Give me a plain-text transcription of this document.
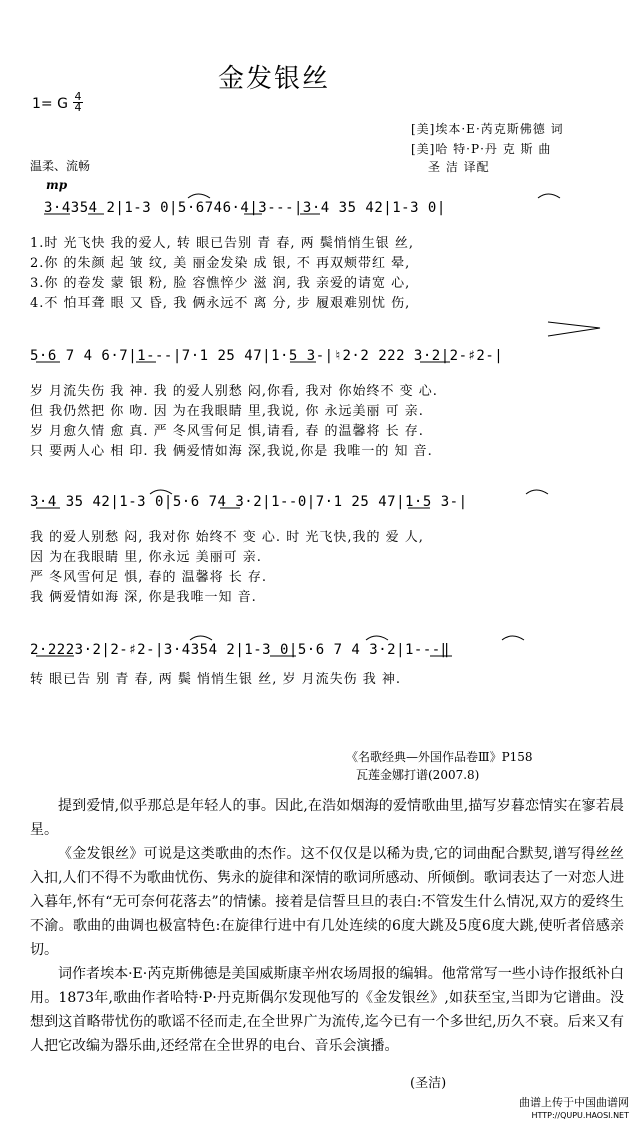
金发银丝
1= G $\frac{4}{4}$
[美]埃本·E·芮克斯佛德 词
[美]哈 特·P·丹 克 斯 曲
圣 洁 译配
温柔、流畅
mp
3·4354 2|1-3 0|5·6746·4|3---|3·4 35 42|1-3 0|
1.时 光飞快 我的爱人, 转 眼已告别 青 春, 两 鬓悄悄生银 丝,
2.你 的朱颜 起 皱 纹, 美 丽金发染 成 银, 不 再双颊带红 晕,
3.你 的卷发 蒙 银 粉, 脸 容憔悴少 滋 润, 我 亲爱的请宽 心,
4.不 怕耳聋 眼 又 昏, 我 俩永远不 离 分, 步 履艰难别忧 伤,
5·6 7 4 6·7|1---|7·1 25 47|1·5 3-|♮2·2 222 3·2|2-♯2-|
岁 月流失伤 我 神. 我 的爱人别愁 闷,你看, 我对 你始终不 变 心.
但 我仍然把 你 吻. 因 为在我眼睛 里,我说, 你 永远美丽 可 亲.
岁 月愈久情 愈 真. 严 冬风雪何足 惧,请看, 春 的温馨将 长 存.
只 要两人心 相 印. 我 俩爱情如海 深,我说,你是 我唯一的 知 音.
3·4 35 42|1-3 0|5·6 74 3·2|1--0|7·1 25 47|1·5 3-|
我 的爱人别愁 闷, 我对你 始终不 变 心. 时 光飞快,我的 爱 人,
因 为在我眼睛 里, 你永远 美丽可 亲.
严 冬风雪何足 惧, 春的 温馨将 长 存.
我 俩爱情如海 深, 你是我唯一知 音.
2·2223·2|2-♯2-|3·4354 2|1-3 0|5·6 7 4 3·2|1---‖
转 眼已告 别 青 春, 两 鬓 悄悄生银 丝, 岁 月流失伤 我 神.
《名歌经典—外国作品卷Ⅲ》P158
瓦莲金娜打谱(2007.8)
提到爱情,似乎那总是年轻人的事。因此,在浩如烟海的爱情歌曲里,描写岁暮恋情实在寥若晨星。
《金发银丝》可说是这类歌曲的杰作。这不仅仅是以稀为贵,它的词曲配合默契,谱写得丝丝入扣,人们不得不为歌曲忧伤、隽永的旋律和深情的歌词所感动、所倾倒。歌词表达了一对恋人进入暮年,怀有“无可奈何花落去”的情愫。接着是信誓旦旦的表白:不管发生什么情况,双方的爱终生不渝。歌曲的曲调也极富特色:在旋律行进中有几处连续的6度大跳及5度6度大跳,使听者倍感亲切。
词作者埃本·E·芮克斯佛德是美国威斯康辛州农场周报的编辑。他常常写一些小诗作报纸补白用。1873年,歌曲作者哈特·P·丹克斯偶尔发现他写的《金发银丝》,如获至宝,当即为它谱曲。没想到这首略带忧伤的歌谣不径而走,在全世界广为流传,迄今已有一个多世纪,历久不衰。后来又有人把它改编为器乐曲,还经常在全世界的电台、音乐会演播。
(圣洁)
曲谱上传于中国曲谱网
HTTP://QUPU.HAOSI.NET
